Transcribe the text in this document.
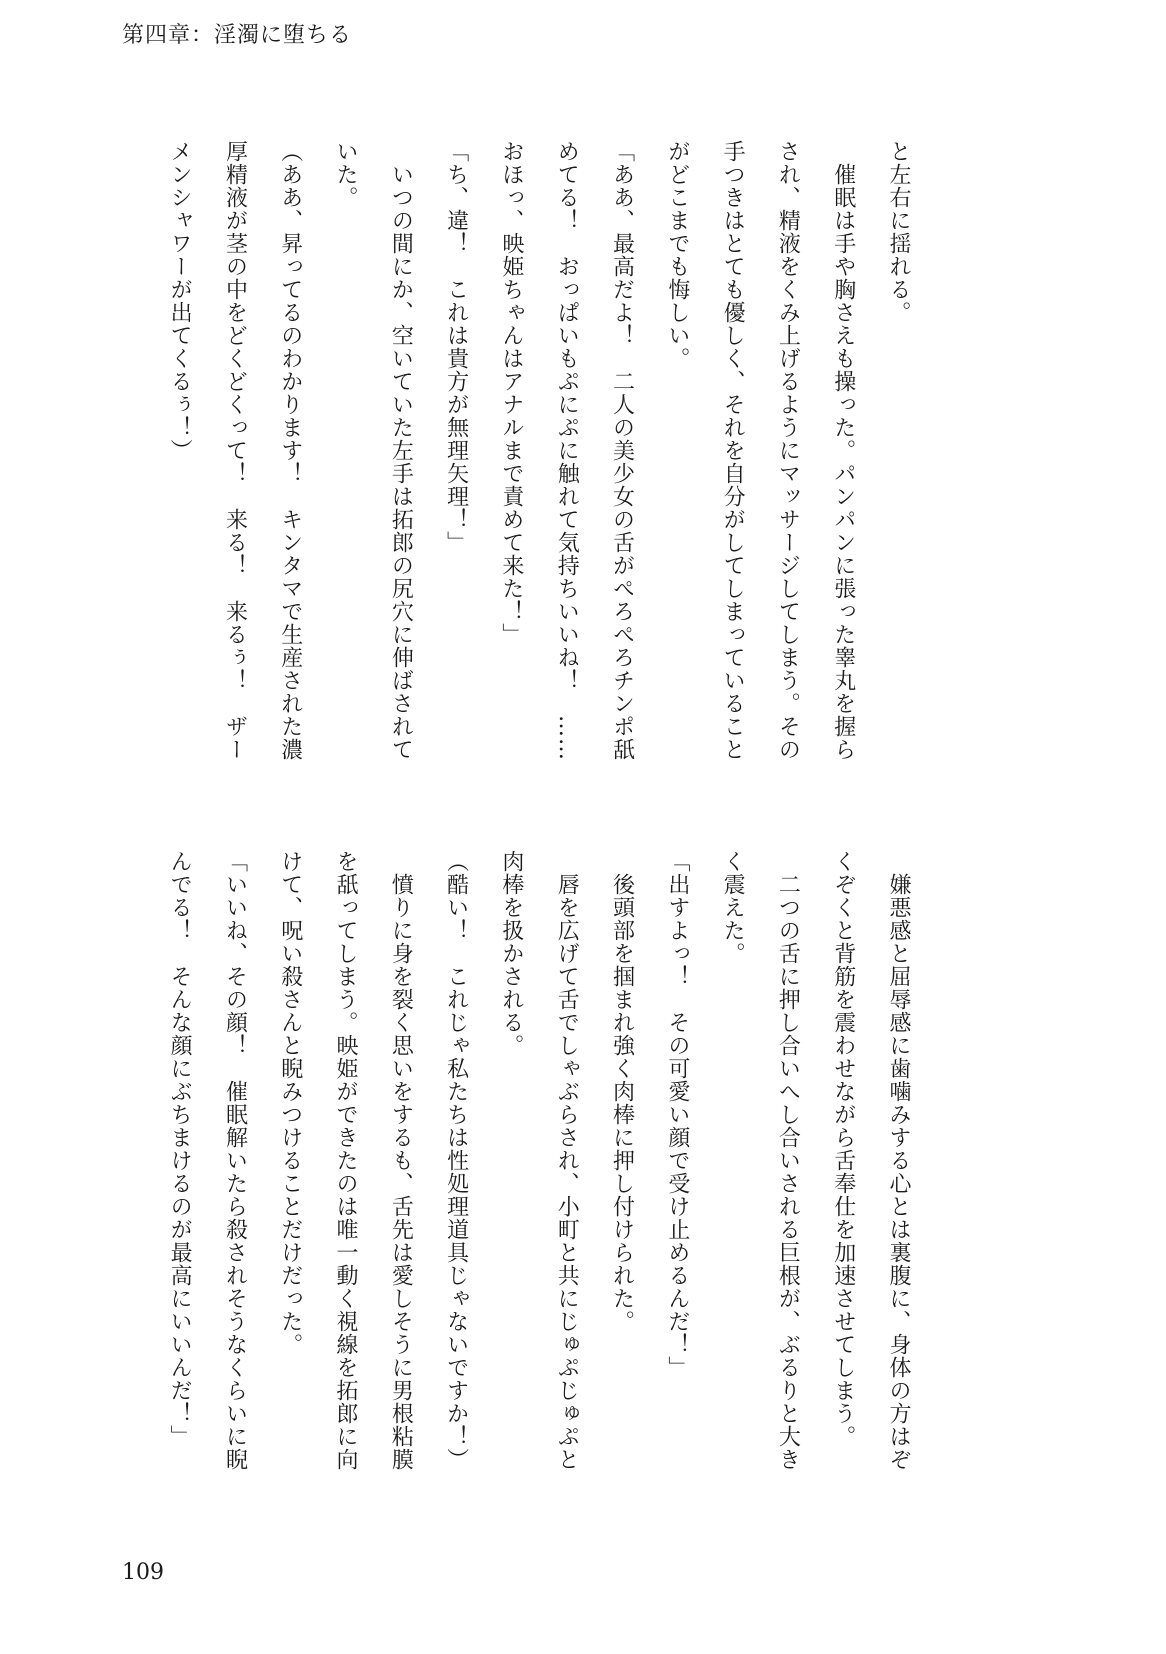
第四章：淫濁に堕ちる

と左右に揺れる。

　催眠は手や胸さえも操った。パンパンに張った睾丸を握ら

され、精液をくみ上げるようにマッサージしてしまう。その

手つきはとても優しく、それを自分がしてしまっていること

がどこまでも悔しい。

「ああ、最高だよ！　二人の美少女の舌がぺろぺろチンポ舐

めてる！　おっぱいもぷにぷに触れて気持ちいいね！　……

おほっ、映姫ちゃんはアナルまで責めて来た！」

「ち、違！　これは貴方が無理矢理！」

　いつの間にか、空いていた左手は拓郎の尻穴に伸ばされて

いた。

（ああ、昇ってるのわかります！　キンタマで生産された濃

厚精液が茎の中をどくどくって！　来る！　来るぅ！　ザー

メンシャワーが出てくるぅ！）

　嫌悪感と屈辱感に歯噛みする心とは裏腹に、身体の方はぞ

くぞくと背筋を震わせながら舌奉仕を加速させてしまう。

　二つの舌に押し合いへし合いされる巨根が、ぶるりと大き

く震えた。

「出すよっ！　その可愛い顔で受け止めるんだ！」

　後頭部を掴まれ強く肉棒に押し付けられた。

　唇を広げて舌でしゃぶらされ、小町と共にじゅぷじゅぷと

肉棒を扱かされる。

（酷い！　これじゃ私たちは性処理道具じゃないですか！）

　憤りに身を裂く思いをするも、舌先は愛しそうに男根粘膜

を舐ってしまう。映姫ができたのは唯一動く視線を拓郎に向

けて、呪い殺さんと睨みつけることだけだった。

「いいね、その顔！　催眠解いたら殺されそうなくらいに睨

んでる！　そんな顔にぶちまけるのが最高にいいんだ！」

109
